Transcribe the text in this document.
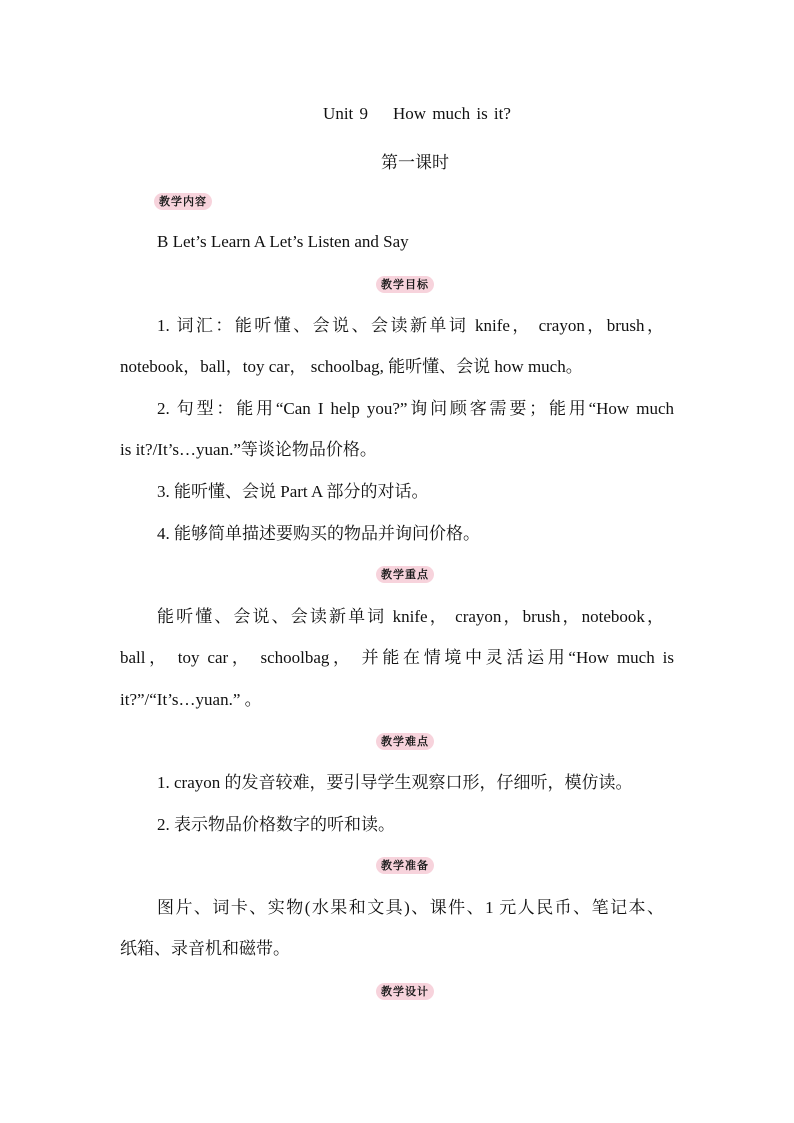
Unit 9    How much is it?
第一课时
教学内容
B Let’s Learn A Let’s Listen and Say
教学目标
1. 词汇：能听懂、会说、会读新单词 knife， crayon，brush，
notebook，ball，toy car， schoolbag, 能听懂、会说 how much。
2. 句型：能用“Can I help you?”询问顾客需要；能用“How much
is it?/It’s…yuan.”等谈论物品价格。
3. 能听懂、会说 Part A 部分的对话。
4. 能够简单描述要购买的物品并询问价格。
教学重点
能听懂、会说、会读新单词 knife， crayon，brush，notebook，
ball， toy car， schoolbag， 并能在情境中灵活运用“How much is
it?”/“It’s…yuan.” 。
教学难点
1. crayon 的发音较难，要引导学生观察口形，仔细听，模仿读。
2. 表示物品价格数字的听和读。
教学准备
图片、词卡、实物(水果和文具)、课件、1 元人民币、笔记本、
纸箱、录音机和磁带。
教学设计
